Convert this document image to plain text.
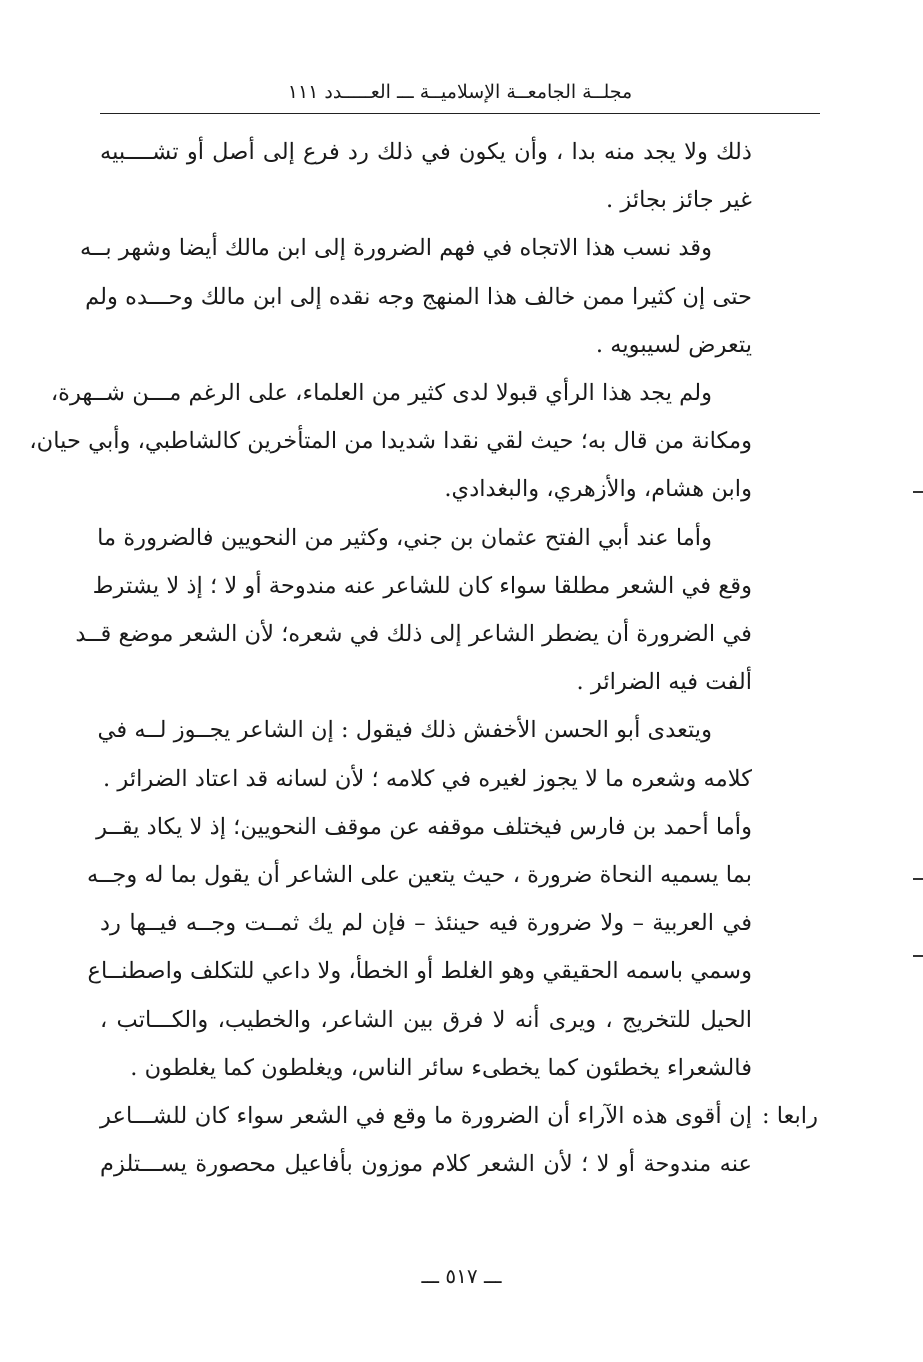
مجلــة الجامعــة الإسلاميــة ـــ العـــــدد ١١١
ذلك ولا يجد منه بدا ، وأن يكون في ذلك رد فرع إلى أصل أو تشــــبيه
غير جائز بجائز .
وقد نسب هذا الاتجاه في فهم الضرورة إلى ابن مالك أيضا وشهر بــه
حتى إن كثيرا ممن خالف هذا المنهج وجه نقده إلى ابن مالك وحـــده ولم
يتعرض لسيبويه .
ولم يجد هذا الرأي قبولا لدى كثير من العلماء، على الرغم مـــن شــهرة،
ومكانة من قال به؛ حيث لقي نقدا شديدا من المتأخرين كالشاطبي، وأبي حيان،
وابن هشام، والأزهري، والبغدادي.
وأما عند أبي الفتح عثمان بن جني، وكثير من النحويين فالضرورة ما
وقع في الشعر مطلقا سواء كان للشاعر عنه مندوحة أو لا ؛ إذ لا يشترط
في الضرورة أن يضطر الشاعر إلى ذلك في شعره؛ لأن الشعر موضع قــد
ألفت فيه الضرائر .
ويتعدى أبو الحسن الأخفش ذلك فيقول : إن الشاعر يجــوز لــه في
كلامه وشعره ما لا يجوز لغيره في كلامه ؛ لأن لسانه قد اعتاد الضرائر .
وأما أحمد بن فارس فيختلف موقفه عن موقف النحويين؛ إذ لا يكاد يقــر
بما يسميه النحاة ضرورة ، حيث يتعين على الشاعر أن يقول بما له وجــه
في العربية – ولا ضرورة فيه حينئذ – فإن لم يك ثمــت وجــه فيــها رد
وسمي باسمه الحقيقي وهو الغلط أو الخطأ، ولا داعي للتكلف واصطنــاع
الحيل للتخريج ، ويرى أنه لا فرق بين الشاعر، والخطيب، والكـــاتب ،
فالشعراء يخطئون كما يخطىء سائر الناس، ويغلطون كما يغلطون .
رابعا :
إن أقوى هذه الآراء أن الضرورة ما وقع في الشعر سواء كان للشـــاعر
عنه مندوحة أو لا ؛ لأن الشعر كلام موزون بأفاعيل محصورة يســـتلزم
ـــ ٥١٧ ـــ
